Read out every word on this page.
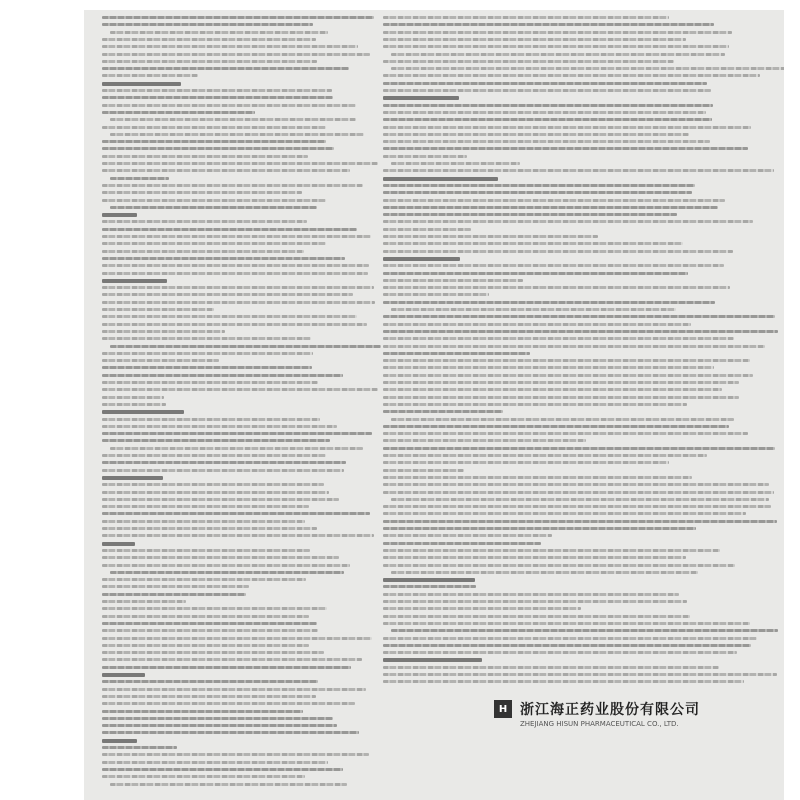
H 浙江海正药业股份有限公司
ZHEJIANG HISUN PHARMACEUTICAL CO., LTD.
